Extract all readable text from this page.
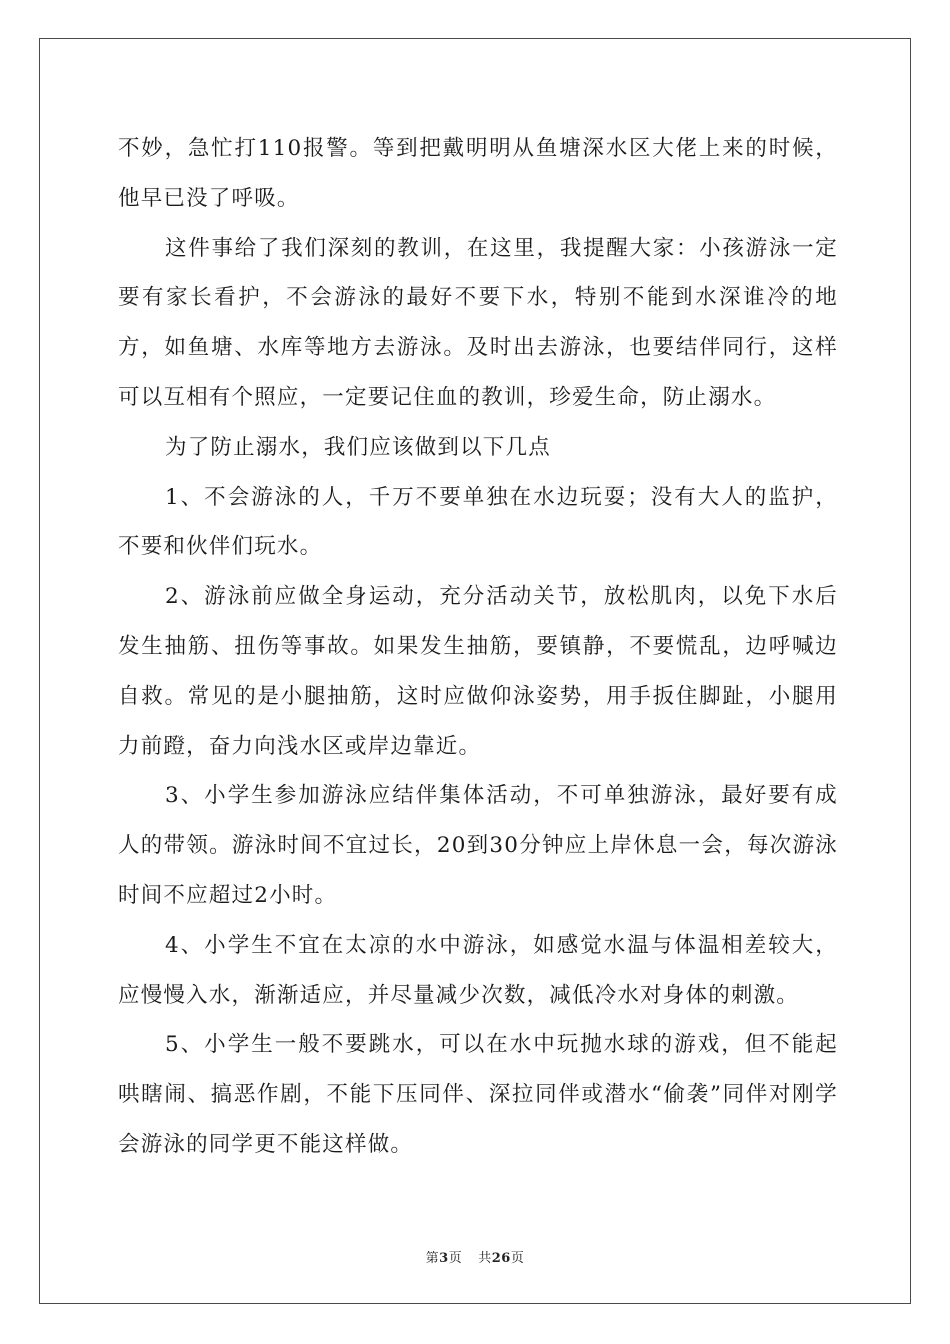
不妙，急忙打110报警。等到把戴明明从鱼塘深水区大佬上来的时候，他早已没了呼吸。

这件事给了我们深刻的教训，在这里，我提醒大家：小孩游泳一定要有家长看护，不会游泳的最好不要下水，特别不能到水深谁冷的地方，如鱼塘、水库等地方去游泳。及时出去游泳，也要结伴同行，这样可以互相有个照应，一定要记住血的教训，珍爱生命，防止溺水。

为了防止溺水，我们应该做到以下几点

1、不会游泳的人，千万不要单独在水边玩耍；没有大人的监护，不要和伙伴们玩水。

2、游泳前应做全身运动，充分活动关节，放松肌肉，以免下水后发生抽筋、扭伤等事故。如果发生抽筋，要镇静，不要慌乱，边呼喊边自救。常见的是小腿抽筋，这时应做仰泳姿势，用手扳住脚趾，小腿用力前蹬，奋力向浅水区或岸边靠近。

3、小学生参加游泳应结伴集体活动，不可单独游泳，最好要有成人的带领。游泳时间不宜过长，20到30分钟应上岸休息一会，每次游泳时间不应超过2小时。

4、小学生不宜在太凉的水中游泳，如感觉水温与体温相差较大，应慢慢入水，渐渐适应，并尽量减少次数，减低冷水对身体的刺激。

5、小学生一般不要跳水，可以在水中玩抛水球的游戏，但不能起哄瞎闹、搞恶作剧，不能下压同伴、深拉同伴或潜水“偷袭”同伴对刚学会游泳的同学更不能这样做。

第3页 共26页
